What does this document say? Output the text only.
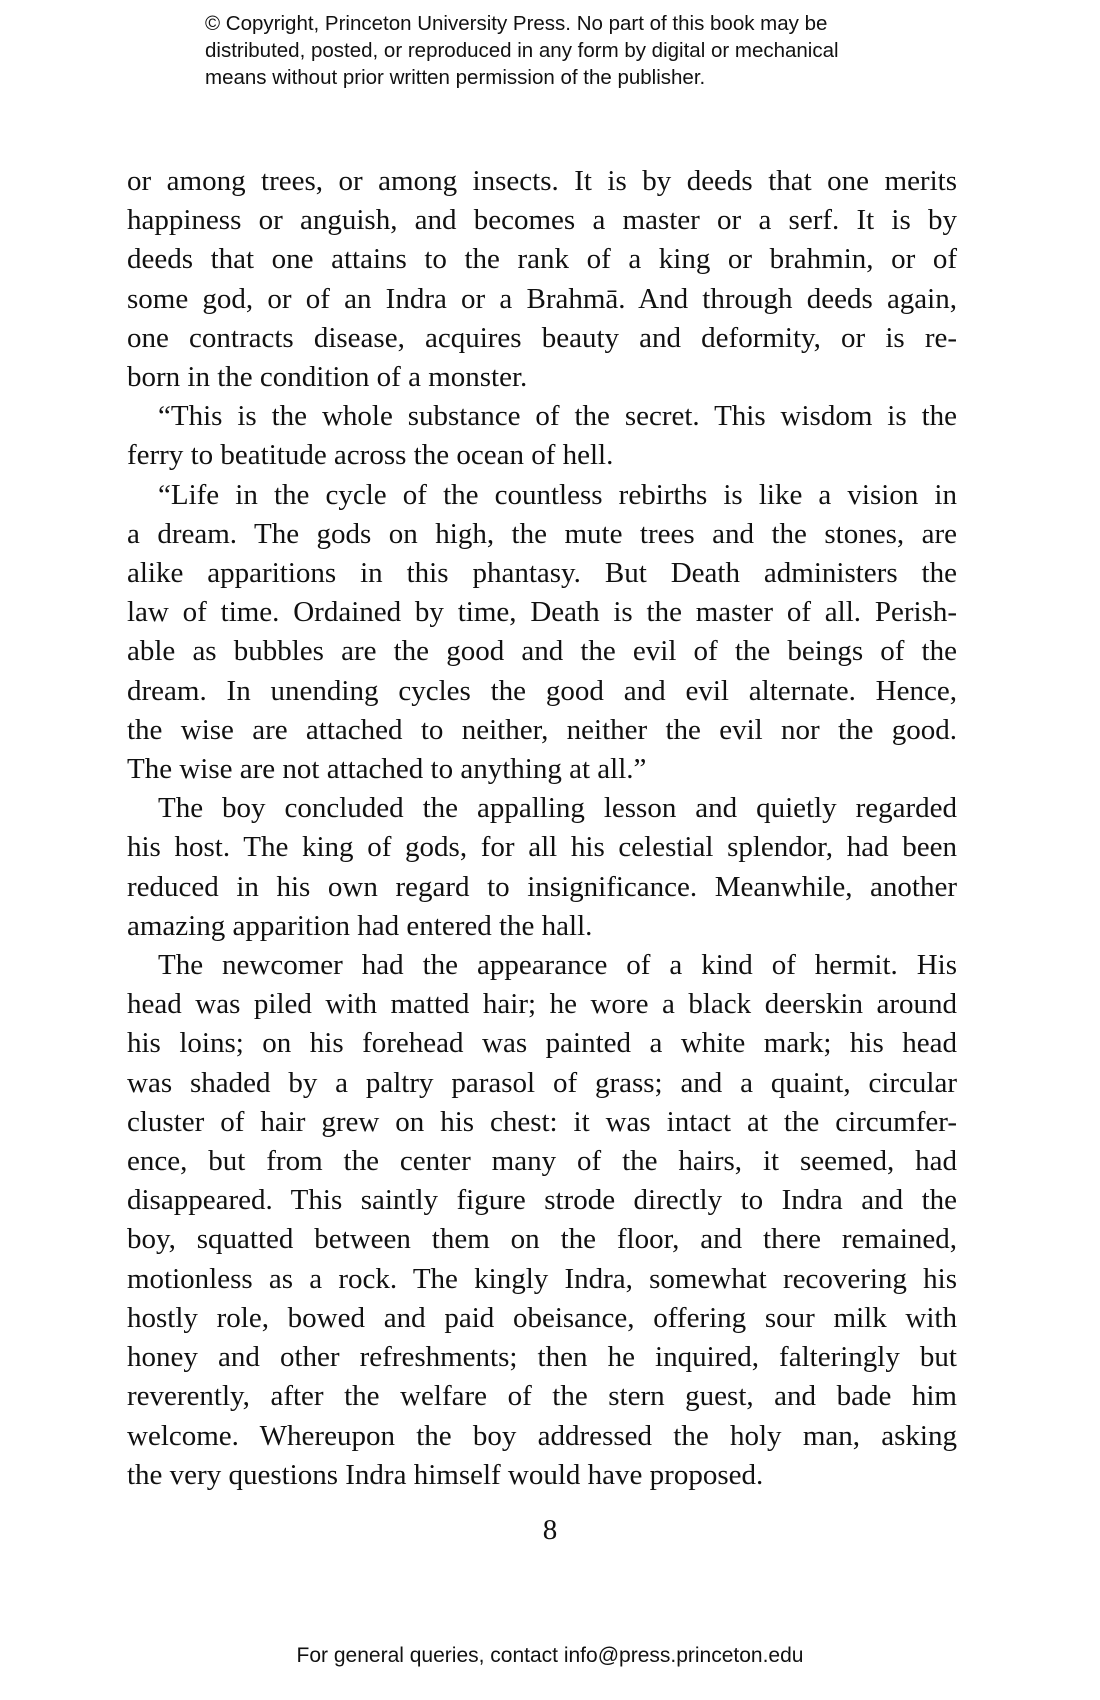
© Copyright, Princeton University Press. No part of this book may be
distributed, posted, or reproduced in any form by digital or mechanical
means without prior written permission of the publisher.
or among trees, or among insects. It is by deeds that one merits
happiness or anguish, and becomes a master or a serf. It is by
deeds that one attains to the rank of a king or brahmin, or of
some god, or of an Indra or a Brahmā. And through deeds again,
one contracts disease, acquires beauty and deformity, or is re-
born in the condition of a monster.
“This is the whole substance of the secret. This wisdom is the
ferry to beatitude across the ocean of hell.
“Life in the cycle of the countless rebirths is like a vision in
a dream. The gods on high, the mute trees and the stones, are
alike apparitions in this phantasy. But Death administers the
law of time. Ordained by time, Death is the master of all. Perish-
able as bubbles are the good and the evil of the beings of the
dream. In unending cycles the good and evil alternate. Hence,
the wise are attached to neither, neither the evil nor the good.
The wise are not attached to anything at all.”
The boy concluded the appalling lesson and quietly regarded
his host. The king of gods, for all his celestial splendor, had been
reduced in his own regard to insignificance. Meanwhile, another
amazing apparition had entered the hall.
The newcomer had the appearance of a kind of hermit. His
head was piled with matted hair; he wore a black deerskin around
his loins; on his forehead was painted a white mark; his head
was shaded by a paltry parasol of grass; and a quaint, circular
cluster of hair grew on his chest: it was intact at the circumfer-
ence, but from the center many of the hairs, it seemed, had
disappeared. This saintly figure strode directly to Indra and the
boy, squatted between them on the floor, and there remained,
motionless as a rock. The kingly Indra, somewhat recovering his
hostly role, bowed and paid obeisance, offering sour milk with
honey and other refreshments; then he inquired, falteringly but
reverently, after the welfare of the stern guest, and bade him
welcome. Whereupon the boy addressed the holy man, asking
the very questions Indra himself would have proposed.
8
For general queries, contact info@press.princeton.edu
